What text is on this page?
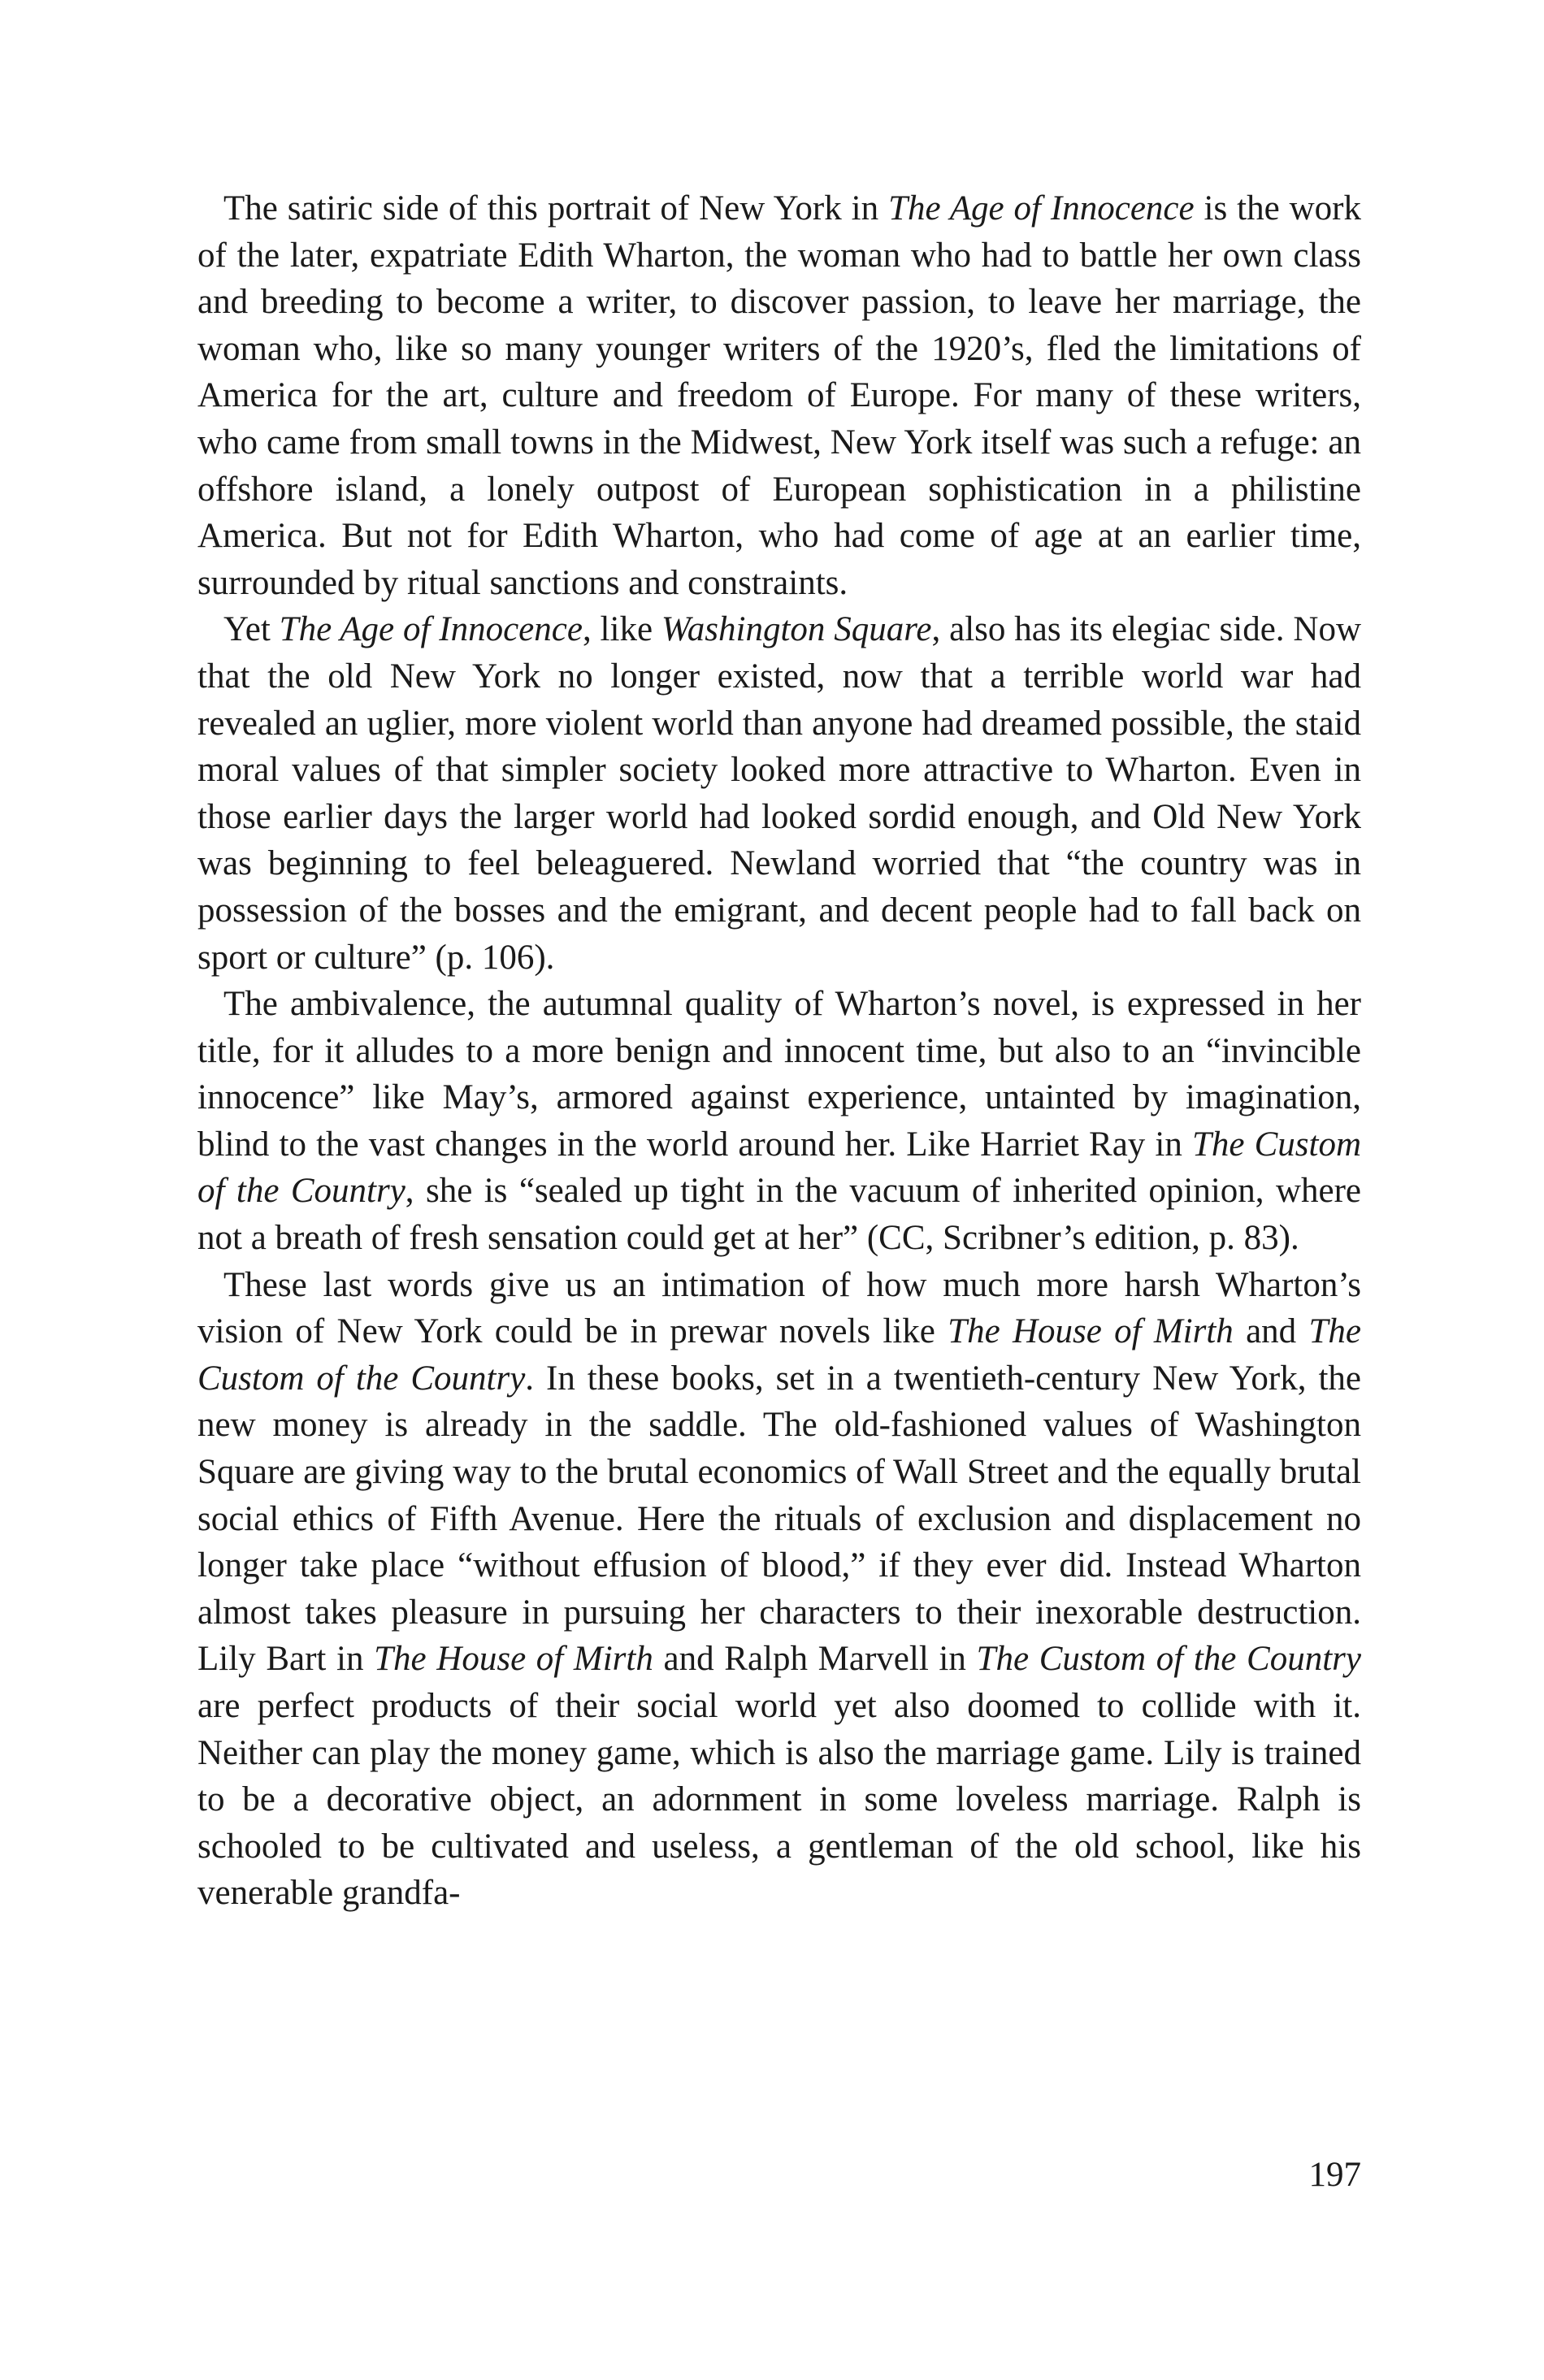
The satiric side of this portrait of New York in The Age of Innocence is the work of the later, expatriate Edith Wharton, the woman who had to battle her own class and breeding to become a writer, to discover passion, to leave her marriage, the woman who, like so many younger writers of the 1920’s, fled the limitations of America for the art, culture and freedom of Europe. For many of these writers, who came from small towns in the Midwest, New York itself was such a refuge: an offshore island, a lonely outpost of European sophistication in a philistine America. But not for Edith Wharton, who had come of age at an earlier time, surrounded by ritual sanctions and constraints.

Yet The Age of Innocence, like Washington Square, also has its elegiac side. Now that the old New York no longer existed, now that a terrible world war had revealed an uglier, more violent world than anyone had dreamed possible, the staid moral values of that simpler society looked more attractive to Wharton. Even in those earlier days the larger world had looked sordid enough, and Old New York was beginning to feel beleaguered. Newland worried that “the country was in possession of the bosses and the emigrant, and decent people had to fall back on sport or culture” (p. 106).

The ambivalence, the autumnal quality of Wharton’s novel, is expressed in her title, for it alludes to a more benign and innocent time, but also to an “invincible innocence” like May’s, armored against experience, untainted by imagination, blind to the vast changes in the world around her. Like Harriet Ray in The Custom of the Country, she is “sealed up tight in the vacuum of inherited opinion, where not a breath of fresh sensation could get at her” (CC, Scribner’s edition, p. 83).

These last words give us an intimation of how much more harsh Wharton’s vision of New York could be in prewar novels like The House of Mirth and The Custom of the Country. In these books, set in a twentieth-century New York, the new money is already in the saddle. The old-fashioned values of Washington Square are giving way to the brutal economics of Wall Street and the equally brutal social ethics of Fifth Avenue. Here the rituals of exclusion and displacement no longer take place “without effusion of blood,” if they ever did. Instead Wharton almost takes pleasure in pursuing her characters to their inexorable destruction. Lily Bart in The House of Mirth and Ralph Marvell in The Custom of the Country are perfect products of their social world yet also doomed to collide with it. Neither can play the money game, which is also the marriage game. Lily is trained to be a decorative object, an adornment in some loveless marriage. Ralph is schooled to be cultivated and useless, a gentleman of the old school, like his venerable grandfa-

197
